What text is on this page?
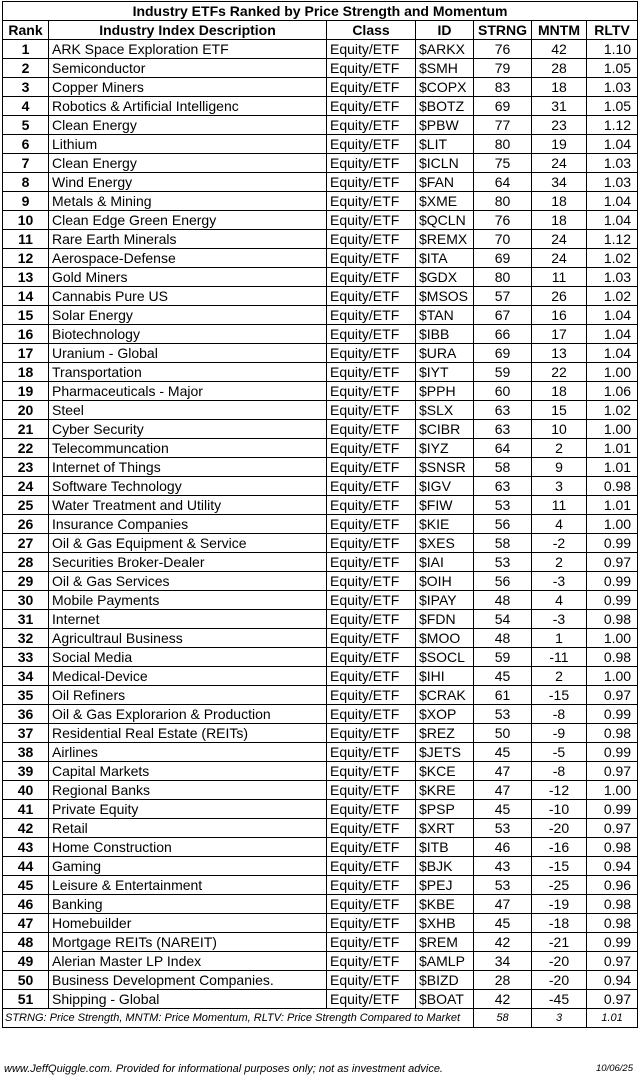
Industry ETFs Ranked by Price Strength and Momentum						
Rank	Industry Index Description	Class	ID	STRNG	MNTM	RLTV
1	ARK Space Exploration ETF	Equity/ETF	$ARKX	76	42	1.10
2	Semiconductor	Equity/ETF	$SMH	79	28	1.05
3	Copper Miners	Equity/ETF	$COPX	83	18	1.03
4	Robotics & Artificial Intelligenc	Equity/ETF	$BOTZ	69	31	1.05
5	Clean Energy	Equity/ETF	$PBW	77	23	1.12
6	Lithium	Equity/ETF	$LIT	80	19	1.04
7	Clean Energy	Equity/ETF	$ICLN	75	24	1.03
8	Wind Energy	Equity/ETF	$FAN	64	34	1.03
9	Metals & Mining	Equity/ETF	$XME	80	18	1.04
10	Clean Edge Green Energy	Equity/ETF	$QCLN	76	18	1.04
11	Rare Earth Minerals	Equity/ETF	$REMX	70	24	1.12
12	Aerospace-Defense	Equity/ETF	$ITA	69	24	1.02
13	Gold Miners	Equity/ETF	$GDX	80	11	1.03
14	Cannabis Pure US	Equity/ETF	$MSOS	57	26	1.02
15	Solar Energy	Equity/ETF	$TAN	67	16	1.04
16	Biotechnology	Equity/ETF	$IBB	66	17	1.04
17	Uranium - Global	Equity/ETF	$URA	69	13	1.04
18	Transportation	Equity/ETF	$IYT	59	22	1.00
19	Pharmaceuticals - Major	Equity/ETF	$PPH	60	18	1.06
20	Steel	Equity/ETF	$SLX	63	15	1.02
21	Cyber Security	Equity/ETF	$CIBR	63	10	1.00
22	Telecommuncation	Equity/ETF	$IYZ	64	2	1.01
23	Internet of Things	Equity/ETF	$SNSR	58	9	1.01
24	Software Technology	Equity/ETF	$IGV	63	3	0.98
25	Water Treatment and Utility	Equity/ETF	$FIW	53	11	1.01
26	Insurance Companies	Equity/ETF	$KIE	56	4	1.00
27	Oil & Gas Equipment & Service	Equity/ETF	$XES	58	-2	0.99
28	Securities Broker-Dealer	Equity/ETF	$IAI	53	2	0.97
29	Oil & Gas Services	Equity/ETF	$OIH	56	-3	0.99
30	Mobile Payments	Equity/ETF	$IPAY	48	4	0.99
31	Internet	Equity/ETF	$FDN	54	-3	0.98
32	Agricultraul Business	Equity/ETF	$MOO	48	1	1.00
33	Social Media	Equity/ETF	$SOCL	59	-11	0.98
34	Medical-Device	Equity/ETF	$IHI	45	2	1.00
35	Oil Refiners	Equity/ETF	$CRAK	61	-15	0.97
36	Oil & Gas Explorarion & Production	Equity/ETF	$XOP	53	-8	0.99
37	Residential Real Estate (REITs)	Equity/ETF	$REZ	50	-9	0.98
38	Airlines	Equity/ETF	$JETS	45	-5	0.99
39	Capital Markets	Equity/ETF	$KCE	47	-8	0.97
40	Regional Banks	Equity/ETF	$KRE	47	-12	1.00
41	Private Equity	Equity/ETF	$PSP	45	-10	0.99
42	Retail	Equity/ETF	$XRT	53	-20	0.97
43	Home Construction	Equity/ETF	$ITB	46	-16	0.98
44	Gaming	Equity/ETF	$BJK	43	-15	0.94
45	Leisure & Entertainment	Equity/ETF	$PEJ	53	-25	0.96
46	Banking	Equity/ETF	$KBE	47	-19	0.98
47	Homebuilder	Equity/ETF	$XHB	45	-18	0.98
48	Mortgage REITs (NAREIT)	Equity/ETF	$REM	42	-21	0.99
49	Alerian Master LP Index	Equity/ETF	$AMLP	34	-20	0.97
50	Business Development Companies.	Equity/ETF	$BIZD	28	-20	0.94
51	Shipping - Global	Equity/ETF	$BOAT	42	-45	0.97
STRNG: Price Strength, MNTM: Price Momentum, RLTV: Price Strength Compared to Market				58	3	1.01
www.JeffQuiggle.com. Provided for informational purposes only; not as investment advice.	10/06/25
